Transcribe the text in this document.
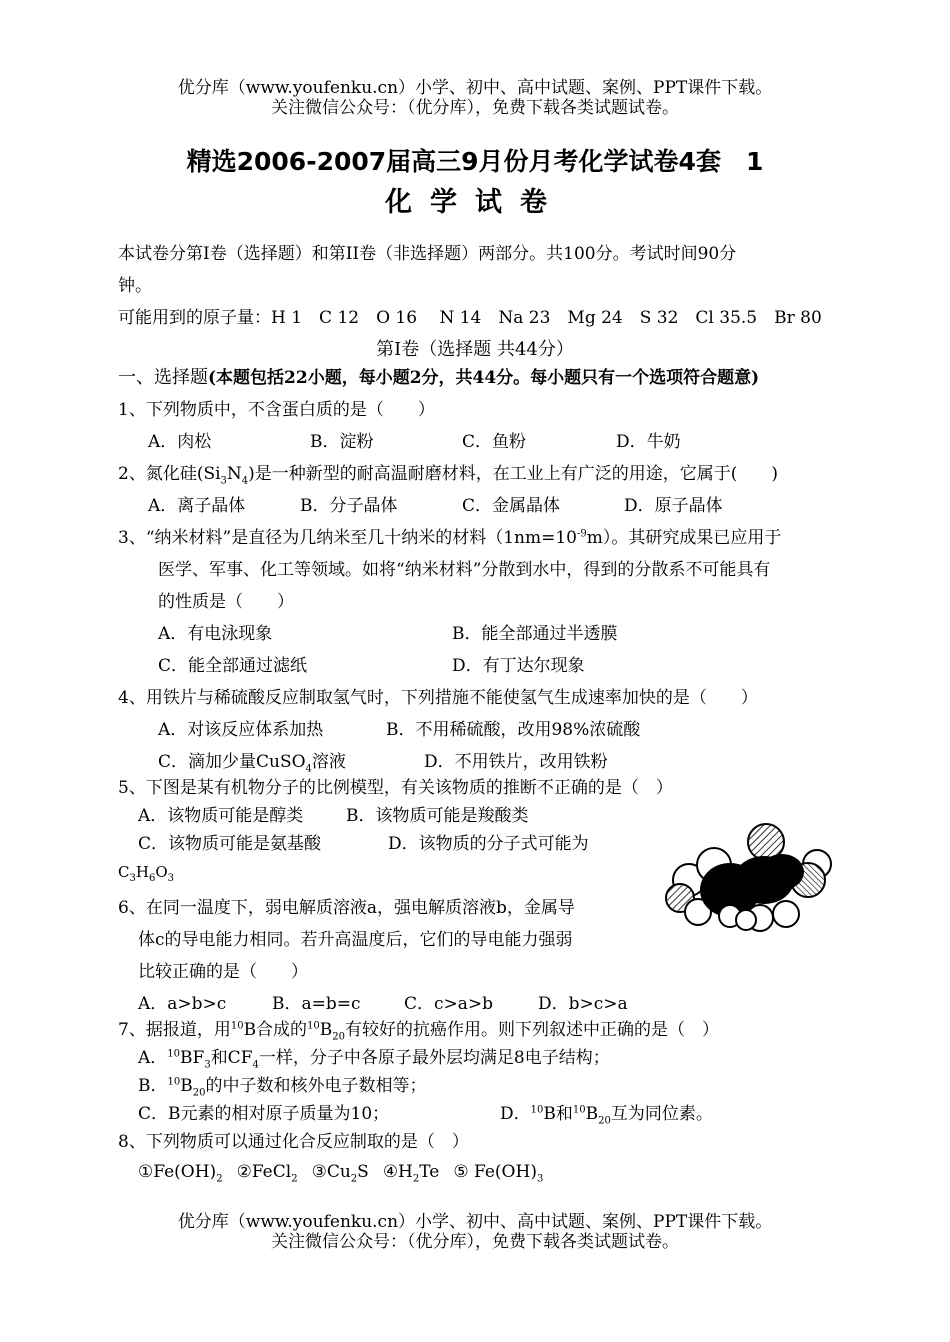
优分库（www.youfenku.cn）小学、初中、高中试题、案例、PPT课件下载。
关注微信公众号：（优分库），免费下载各类试题试卷。
精选2006-2007届高三9月份月考化学试卷4套　1
化学试卷
本试卷分第I卷（选择题）和第II卷（非选择题）两部分。共100分。考试时间90分
钟。
可能用到的原子量：H 1　C 12　O 16　 N 14　Na 23　Mg 24　S 32　Cl 35.5　Br 80
第I卷（选择题 共44分）
一、选择题(本题包括22小题，每小题2分，共44分。每小题只有一个选项符合题意)
1、下列物质中，不含蛋白质的是（　　）
A．肉松	B．淀粉	C．鱼粉	D．牛奶
2、氮化硅$(Si_3N_4)$是一种新型的耐高温耐磨材料，在工业上有广泛的用途，它属于(　　)
A．离子晶体	B．分子晶体	C．金属晶体	D．原子晶体
3、“纳米材料”是直径为几纳米至几十纳米的材料$(1nm=10^{-9}m)$。其研究成果已应用于
医学、军事、化工等领域。如将“纳米材料”分散到水中，得到的分散系不可能具有
的性质是（　　）
A．有电泳现象	B．能全部通过半透膜
C．能全部通过滤纸	D．有丁达尔现象
4、用铁片与稀硫酸反应制取氢气时，下列措施不能使氢气生成速率加快的是（　　）
A．对该反应体系加热	B．不用稀硫酸，改用98%浓硫酸
C．滴加少量CuSO$_4$溶液	D．不用铁片，改用铁粉
5、下图是某有机物分子的比例模型，有关该物质的推断不正确的是（　）
A．该物质可能是醇类	B．该物质可能是羧酸类
C．该物质可能是氨基酸	D．该物质的分子式可能为
$C_3H_6O_3$
6、在同一温度下，弱电解质溶液a，强电解质溶液b，金属导
体c的导电能力相同。若升高温度后，它们的导电能力强弱
比较正确的是（　　）
A．a>b>c	B．a=b=c	C．c>a>b	D．b>c>a
7、据报道，用$^{10}$B合成的$^{10}B_{20}$有较好的抗癌作用。则下列叙述中正确的是（　）
A．$^{10}BF_3$和$CF_4$一样，分子中各原子最外层均满足8电子结构；
B．$^{10}B_{20}$的中子数和核外电子数相等；
C．B元素的相对原子质量为10；	D．$^{10}$B和$^{10}B_{20}$互为同位素。
8、下列物质可以通过化合反应制取的是（　）
$①Fe(OH)_2$ ②FeCl$_2$ $③Cu_2S$ $④H_2Te$ ⑤ $Fe(OH)_3$
优分库（www.youfenku.cn）小学、初中、高中试题、案例、PPT课件下载。
关注微信公众号：（优分库），免费下载各类试题试卷。
